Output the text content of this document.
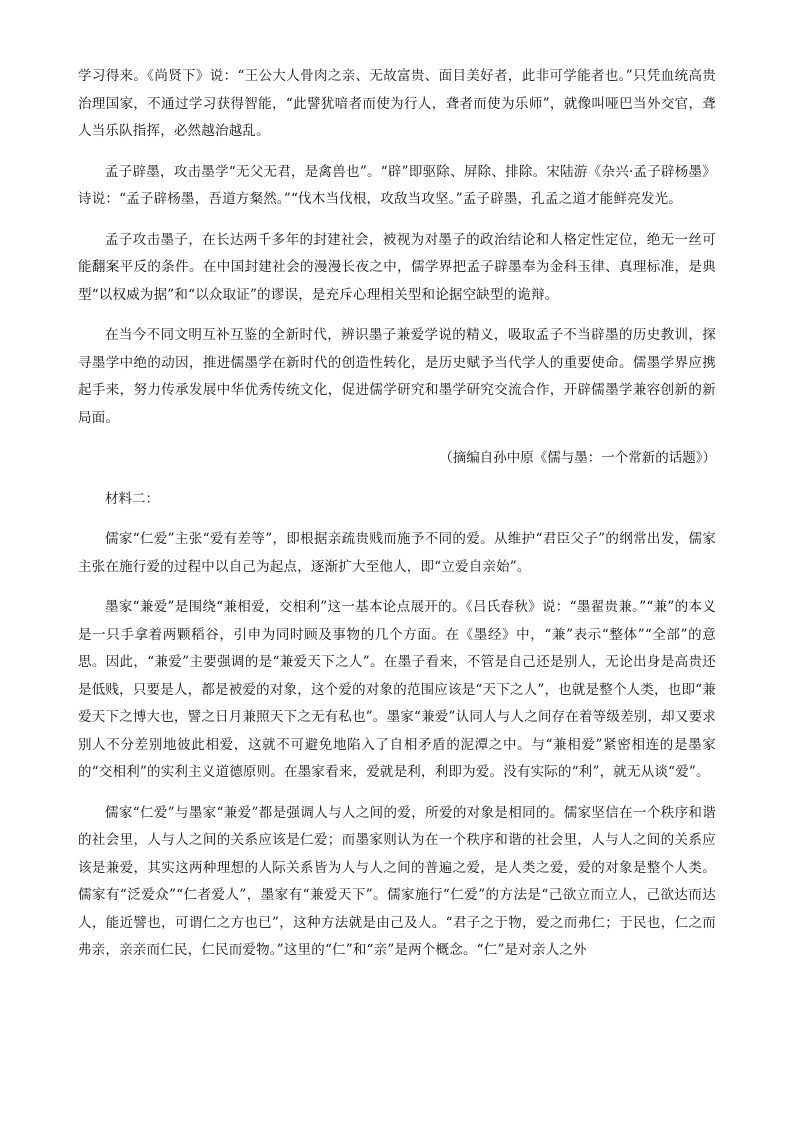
学习得来。《尚贤下》说：“王公大人骨肉之亲、无故富贵、面目美好者，此非可学能者也。”只凭血统高贵治理国家，不通过学习获得智能，“此譬犹喑者而使为行人，聋者而使为乐师”，就像叫哑巴当外交官，聋人当乐队指挥，必然越治越乱。

孟子辟墨，攻击墨学“无父无君，是禽兽也”。“辟”即驱除、屏除、排除。宋陆游《杂兴·孟子辟杨墨》诗说：“孟子辟杨墨，吾道方粲然。”“伐木当伐根，攻敌当攻坚。”孟子辟墨，孔孟之道才能鲜亮发光。

孟子攻击墨子，在长达两千多年的封建社会，被视为对墨子的政治结论和人格定性定位，绝无一丝可能翻案平反的条件。在中国封建社会的漫漫长夜之中，儒学界把孟子辟墨奉为金科玉律、真理标准，是典型“以权威为据”和“以众取证”的谬误，是充斥心理相关型和论据空缺型的诡辩。

在当今不同文明互补互鉴的全新时代，辨识墨子兼爱学说的精义，吸取孟子不当辟墨的历史教训，探寻墨学中绝的动因，推进儒墨学在新时代的创造性转化，是历史赋予当代学人的重要使命。儒墨学界应携起手来，努力传承发展中华优秀传统文化，促进儒学研究和墨学研究交流合作，开辟儒墨学兼容创新的新局面。

（摘编自孙中原《儒与墨：一个常新的话题》）

材料二：

儒家“仁爱”主张“爱有差等”，即根据亲疏贵贱而施予不同的爱。从维护“君臣父子”的纲常出发，儒家主张在施行爱的过程中以自己为起点，逐渐扩大至他人，即“立爱自亲始”。

墨家“兼爱”是围绕“兼相爱，交相利”这一基本论点展开的。《吕氏春秋》说：“墨翟贵兼。”“兼”的本义是一只手拿着两颗稻谷，引申为同时顾及事物的几个方面。在《墨经》中，“兼”表示“整体”“全部”的意思。因此，“兼爱”主要强调的是“兼爱天下之人”。在墨子看来，不管是自己还是别人，无论出身是高贵还是低贱，只要是人，都是被爱的对象，这个爱的对象的范围应该是“天下之人”，也就是整个人类，也即“兼爱天下之博大也，譬之日月兼照天下之无有私也”。墨家“兼爱”认同人与人之间存在着等级差别，却又要求别人不分差别地彼此相爱，这就不可避免地陷入了自相矛盾的泥潭之中。与“兼相爱”紧密相连的是墨家的“交相利”的实利主义道德原则。在墨家看来，爱就是利，利即为爱。没有实际的“利”，就无从谈“爱”。

儒家“仁爱”与墨家“兼爱”都是强调人与人之间的爱，所爱的对象是相同的。儒家坚信在一个秩序和谐的社会里，人与人之间的关系应该是仁爱；而墨家则认为在一个秩序和谐的社会里，人与人之间的关系应该是兼爱，其实这两种理想的人际关系皆为人与人之间的普遍之爱，是人类之爱，爱的对象是整个人类。儒家有“泛爱众”“仁者爱人”，墨家有“兼爱天下”。儒家施行“仁爱”的方法是“己欲立而立人，己欲达而达人，能近譬也，可谓仁之方也已”，这种方法就是由己及人。“君子之于物，爱之而弗仁；于民也，仁之而弗亲，亲亲而仁民，仁民而爱物。”这里的“仁”和“亲”是两个概念。“仁”是对亲人之外
